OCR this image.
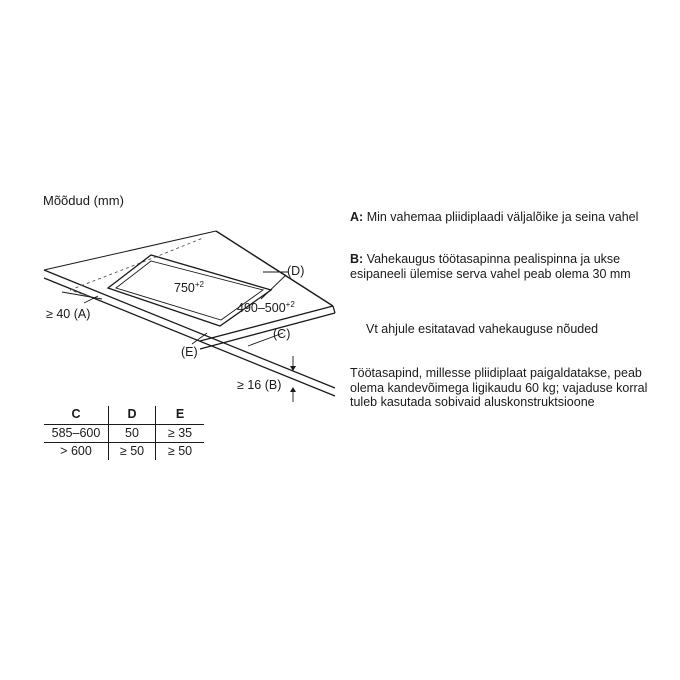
Mõõdud (mm)
(D)
$750^{+2}$
$490-500^{+2}$
(C)
≥ 40 (A)
(E)
≥ 16 (B)
A: Min vahemaa pliidiplaadi väljalõike ja seina vahel
B: Vahekaugus töötasapinna pealispinna ja ukse esipaneeli ülemise serva vahel peab olema 30 mm
Vt ahjule esitatavad vahekauguse nõuded
Töötasapind, millesse pliidiplaat paigaldatakse, peab olema kandevõimega ligikaudu 60 kg; vajaduse korral tuleb kasutada sobivaid aluskonstruktsioone
C	D	E
585–600	50	≥ 35
> 600	≥ 50	≥ 50
